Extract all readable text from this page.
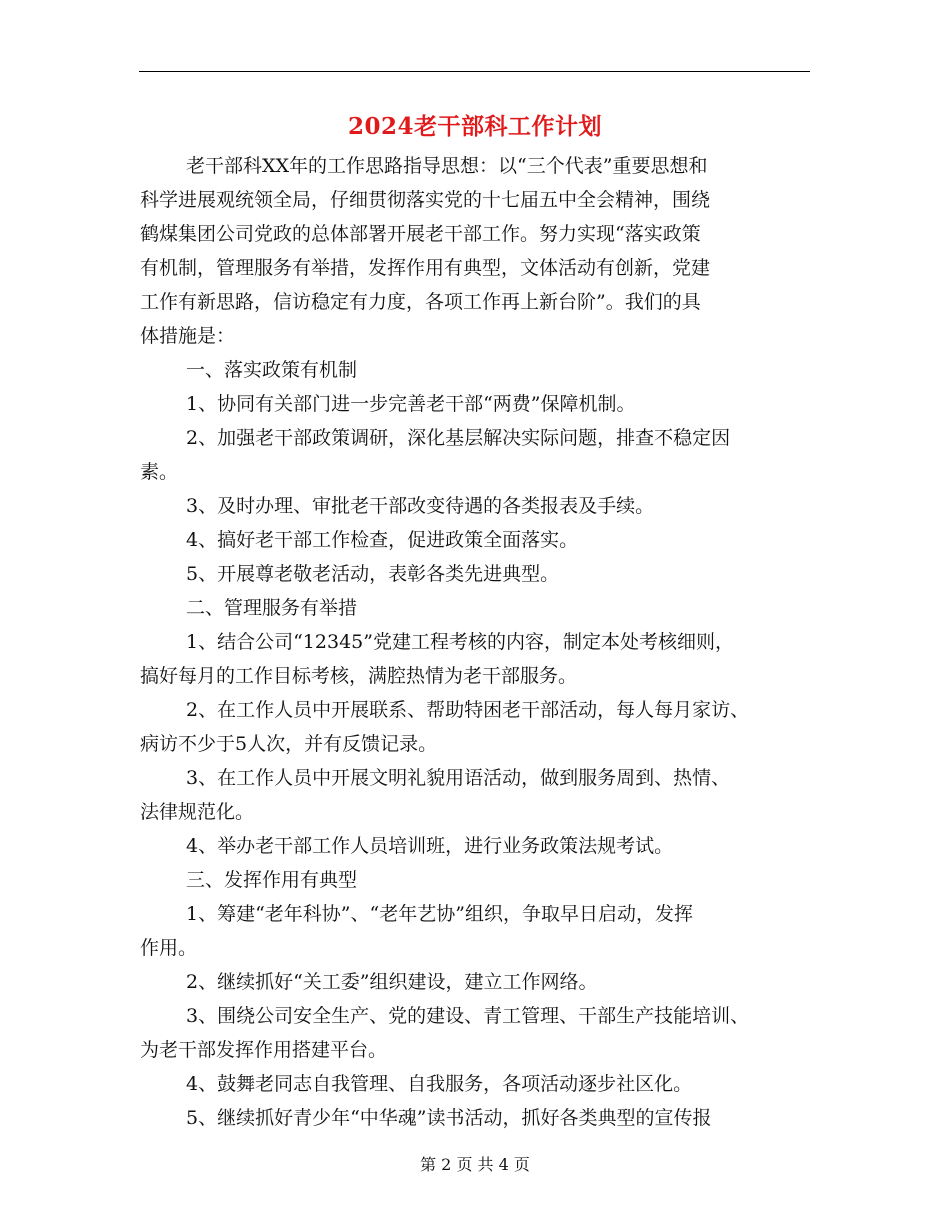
2024老干部科工作计划
老干部科XX年的工作思路指导思想：以“三个代表”重要思想和
科学进展观统领全局，仔细贯彻落实党的十七届五中全会精神，围绕
鹤煤集团公司党政的总体部署开展老干部工作。努力实现“落实政策
有机制，管理服务有举措，发挥作用有典型，文体活动有创新，党建
工作有新思路，信访稳定有力度，各项工作再上新台阶”。我们的具
体措施是：
一、落实政策有机制
1、协同有关部门进一步完善老干部“两费”保障机制。
2、加强老干部政策调研，深化基层解决实际问题，排查不稳定因
素。
3、及时办理、审批老干部改变待遇的各类报表及手续。
4、搞好老干部工作检查，促进政策全面落实。
5、开展尊老敬老活动，表彰各类先进典型。
二、管理服务有举措
1、结合公司“12345”党建工程考核的内容，制定本处考核细则，
搞好每月的工作目标考核，满腔热情为老干部服务。
2、在工作人员中开展联系、帮助特困老干部活动，每人每月家访、
病访不少于5人次，并有反馈记录。
3、在工作人员中开展文明礼貌用语活动，做到服务周到、热情、
法律规范化。
4、举办老干部工作人员培训班，进行业务政策法规考试。
三、发挥作用有典型
1、筹建“老年科协”、“老年艺协”组织，争取早日启动，发挥
作用。
2、继续抓好“关工委”组织建设，建立工作网络。
3、围绕公司安全生产、党的建设、青工管理、干部生产技能培训、
为老干部发挥作用搭建平台。
4、鼓舞老同志自我管理、自我服务，各项活动逐步社区化。
5、继续抓好青少年“中华魂”读书活动，抓好各类典型的宣传报
第 2 页 共 4 页
